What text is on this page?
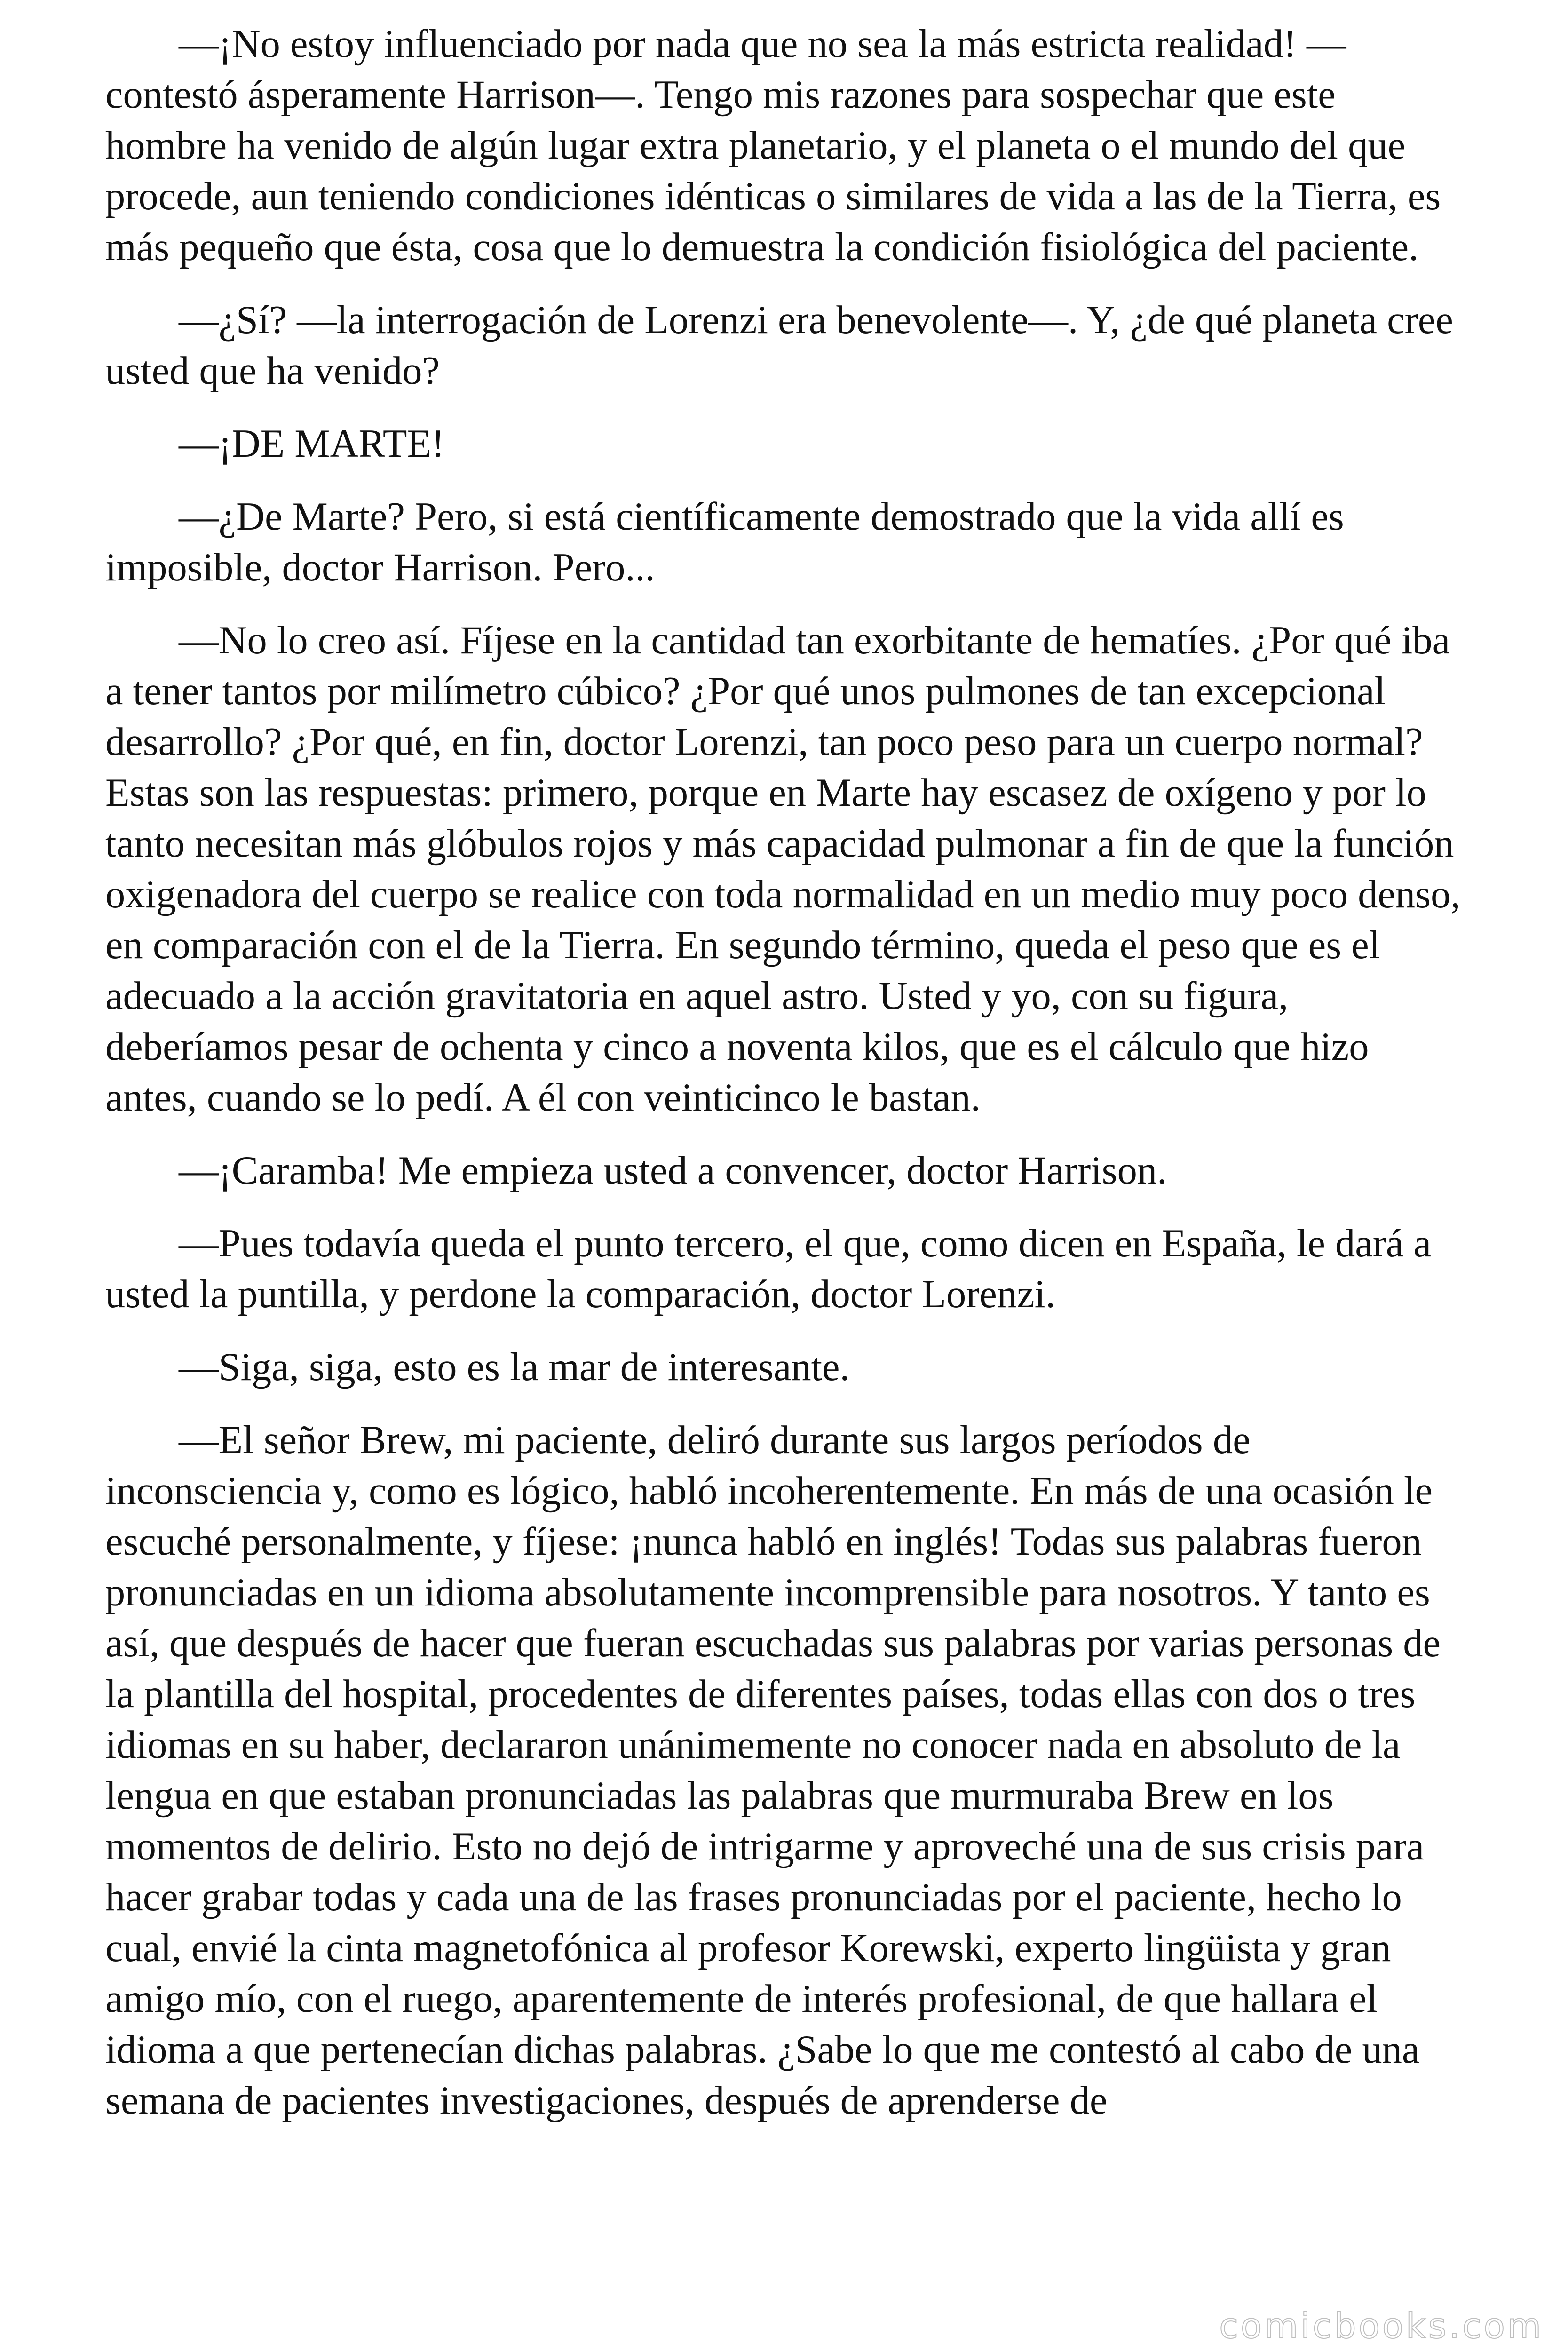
—¡No estoy influenciado por nada que no sea la más estricta realidad! —contestó ásperamente Harrison—. Tengo mis razones para sospechar que este hombre ha venido de algún lugar extra planetario, y el planeta o el mundo del que procede, aun teniendo condiciones idénticas o similares de vida a las de la Tierra, es más pequeño que ésta, cosa que lo demuestra la condición fisiológica del paciente.

—¿Sí? —la interrogación de Lorenzi era benevolente—. Y, ¿de qué planeta cree usted que ha venido?

—¡DE MARTE!

—¿De Marte? Pero, si está científicamente demostrado que la vida allí es imposible, doctor Harrison. Pero...

—No lo creo así. Fíjese en la cantidad tan exorbitante de hematíes. ¿Por qué iba a tener tantos por milímetro cúbico? ¿Por qué unos pulmones de tan excepcional desarrollo? ¿Por qué, en fin, doctor Lorenzi, tan poco peso para un cuerpo normal? Estas son las respuestas: primero, porque en Marte hay escasez de oxígeno y por lo tanto necesitan más glóbulos rojos y más capacidad pulmonar a fin de que la función oxigenadora del cuerpo se realice con toda normalidad en un medio muy poco denso, en comparación con el de la Tierra. En segundo término, queda el peso que es el adecuado a la acción gravitatoria en aquel astro. Usted y yo, con su figura, deberíamos pesar de ochenta y cinco a noventa kilos, que es el cálculo que hizo antes, cuando se lo pedí. A él con veinticinco le bastan.

—¡Caramba! Me empieza usted a convencer, doctor Harrison.

—Pues todavía queda el punto tercero, el que, como dicen en España, le dará a usted la puntilla, y perdone la comparación, doctor Lorenzi.

—Siga, siga, esto es la mar de interesante.

—El señor Brew, mi paciente, deliró durante sus largos períodos de inconsciencia y, como es lógico, habló incoherentemente. En más de una ocasión le escuché personalmente, y fíjese: ¡nunca habló en inglés! Todas sus palabras fueron pronunciadas en un idioma absolutamente incomprensible para nosotros. Y tanto es así, que después de hacer que fueran escuchadas sus palabras por varias personas de la plantilla del hospital, procedentes de diferentes países, todas ellas con dos o tres idiomas en su haber, declararon unánimemente no conocer nada en absoluto de la lengua en que estaban pronunciadas las palabras que murmuraba Brew en los momentos de delirio. Esto no dejó de intrigarme y aproveché una de sus crisis para hacer grabar todas y cada una de las frases pronunciadas por el paciente, hecho lo cual, envié la cinta magnetofónica al profesor Korewski, experto lingüista y gran amigo mío, con el ruego, aparentemente de interés profesional, de que hallara el idioma a que pertenecían dichas palabras. ¿Sabe lo que me contestó al cabo de una semana de pacientes investigaciones, después de aprenderse de

comicbooks.com
